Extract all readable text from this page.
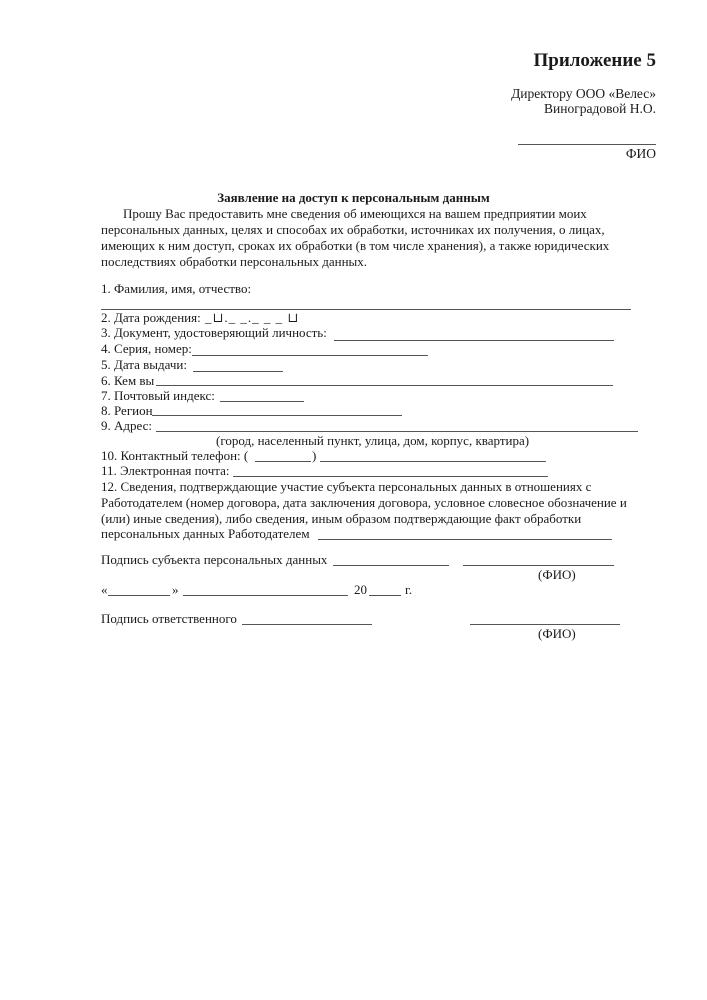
Приложение 5
Директору ООО «Велес»
Виноградовой Н.О.
ФИО
Заявление на доступ к персональным данным
Прошу Вас предоставить мне сведения об имеющихся на вашем предприятии моих персональных данных, целях и способах их обработки, источниках их получения, о лицах, имеющих к ним доступ, сроках их обработки (в том числе хранения), а также юридических последствиях обработки персональных данных.
1. Фамилия, имя, отчество:
2. Дата рождения: _⊔._ _._ _ _ ⊔
3. Документ, удостоверяющий личность:
4. Серия, номер:
5. Дата выдачи:
6. Кем вы
7. Почтовый индекс:
8. Регион
9. Адрес:
(город, населенный пункт, улица, дом, корпус, квартира)
10. Контактный телефон: (	)
11. Электронная почта:
12. Сведения, подтверждающие участие субъекта персональных данных в отношениях с
Работодателем (номер договора, дата заключения договора, условное словесное обозначение и
(или) иные сведения), либо сведения, иным образом подтверждающие факт обработки
персональных данных Работодателем
Подпись субъекта персональных данных
(ФИО)
«	»	20	г.
Подпись ответственного
(ФИО)
